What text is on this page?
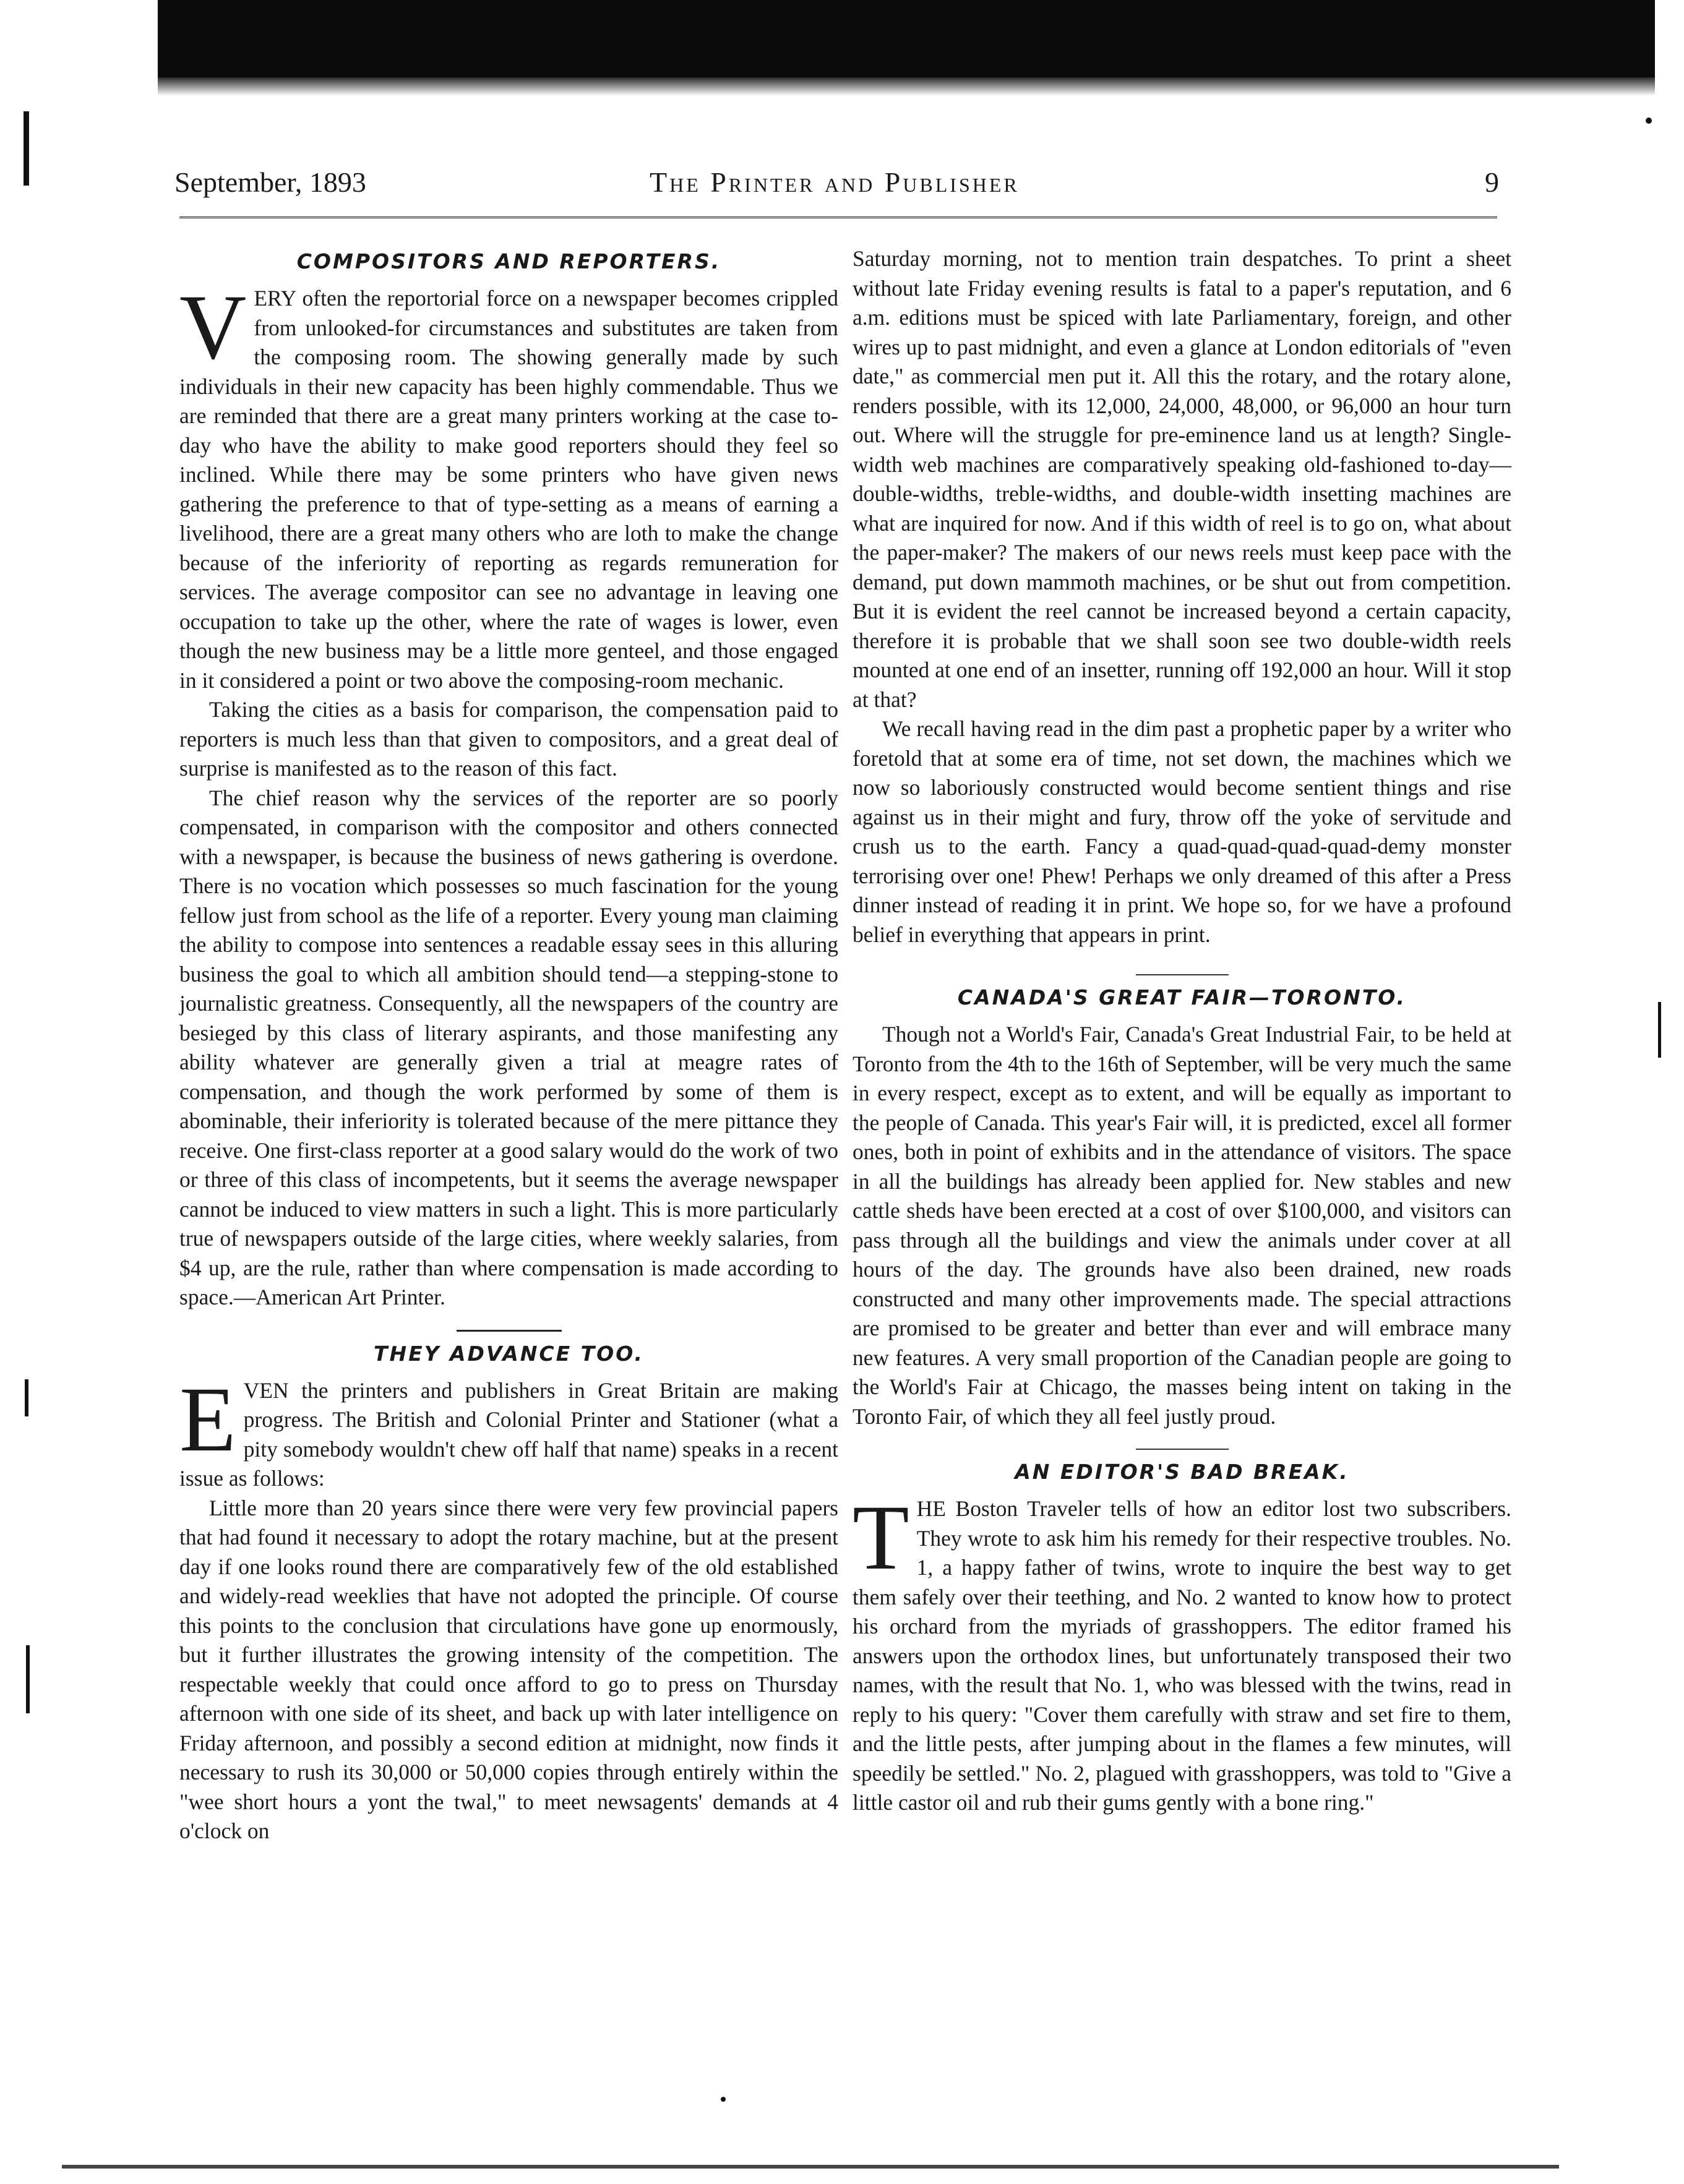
September, 1893	The Printer and Publisher	9
COMPOSITORS AND REPORTERS.

VERY often the reportorial force on a newspaper becomes crippled from unlooked-for circumstances and substitutes are taken from the composing room. The showing generally made by such individuals in their new capacity has been highly commendable. Thus we are reminded that there are a great many printers working at the case to-day who have the ability to make good reporters should they feel so inclined. While there may be some printers who have given news gathering the preference to that of type-setting as a means of earning a livelihood, there are a great many others who are loth to make the change because of the inferiority of reporting as regards remuneration for services. The average compositor can see no advantage in leaving one occupation to take up the other, where the rate of wages is lower, even though the new business may be a little more genteel, and those engaged in it considered a point or two above the composing-room mechanic.

Taking the cities as a basis for comparison, the compensation paid to reporters is much less than that given to compositors, and a great deal of surprise is manifested as to the reason of this fact.

The chief reason why the services of the reporter are so poorly compensated, in comparison with the compositor and others connected with a newspaper, is because the business of news gathering is overdone. There is no vocation which possesses so much fascination for the young fellow just from school as the life of a reporter. Every young man claiming the ability to compose into sentences a readable essay sees in this alluring business the goal to which all ambition should tend—a stepping-stone to journalistic greatness. Consequently, all the newspapers of the country are besieged by this class of literary aspirants, and those manifesting any ability whatever are generally given a trial at meagre rates of compensation, and though the work performed by some of them is abominable, their inferiority is tolerated because of the mere pittance they receive. One first-class reporter at a good salary would do the work of two or three of this class of incompetents, but it seems the average newspaper cannot be induced to view matters in such a light. This is more particularly true of newspapers outside of the large cities, where weekly salaries, from $4 up, are the rule, rather than where compensation is made according to space.—American Art Printer.

THEY ADVANCE TOO.

EVEN the printers and publishers in Great Britain are making progress. The British and Colonial Printer and Stationer (what a pity somebody wouldn't chew off half that name) speaks in a recent issue as follows:

Little more than 20 years since there were very few provincial papers that had found it necessary to adopt the rotary machine, but at the present day if one looks round there are comparatively few of the old established and widely-read weeklies that have not adopted the principle. Of course this points to the conclusion that circulations have gone up enormously, but it further illustrates the growing intensity of the competition. The respectable weekly that could once afford to go to press on Thursday afternoon with one side of its sheet, and back up with later intelligence on Friday afternoon, and possibly a second edition at midnight, now finds it necessary to rush its 30,000 or 50,000 copies through entirely within the "wee short hours a yont the twal," to meet newsagents' demands at 4 o'clock on

Saturday morning, not to mention train despatches. To print a sheet without late Friday evening results is fatal to a paper's reputation, and 6 a.m. editions must be spiced with late Parliamentary, foreign, and other wires up to past midnight, and even a glance at London editorials of "even date," as commercial men put it. All this the rotary, and the rotary alone, renders possible, with its 12,000, 24,000, 48,000, or 96,000 an hour turn out. Where will the struggle for pre-eminence land us at length? Single-width web machines are comparatively speaking old-fashioned to-day—double-widths, treble-widths, and double-width insetting machines are what are inquired for now. And if this width of reel is to go on, what about the paper-maker? The makers of our news reels must keep pace with the demand, put down mammoth machines, or be shut out from competition. But it is evident the reel cannot be increased beyond a certain capacity, therefore it is probable that we shall soon see two double-width reels mounted at one end of an insetter, running off 192,000 an hour. Will it stop at that?

We recall having read in the dim past a prophetic paper by a writer who foretold that at some era of time, not set down, the machines which we now so laboriously constructed would become sentient things and rise against us in their might and fury, throw off the yoke of servitude and crush us to the earth. Fancy a quad-quad-quad-quad-demy monster terrorising over one! Phew! Perhaps we only dreamed of this after a Press dinner instead of reading it in print. We hope so, for we have a profound belief in everything that appears in print.

CANADA'S GREAT FAIR—TORONTO.

Though not a World's Fair, Canada's Great Industrial Fair, to be held at Toronto from the 4th to the 16th of September, will be very much the same in every respect, except as to extent, and will be equally as important to the people of Canada. This year's Fair will, it is predicted, excel all former ones, both in point of exhibits and in the attendance of visitors. The space in all the buildings has already been applied for. New stables and new cattle sheds have been erected at a cost of over $100,000, and visitors can pass through all the buildings and view the animals under cover at all hours of the day. The grounds have also been drained, new roads constructed and many other improvements made. The special attractions are promised to be greater and better than ever and will embrace many new features. A very small proportion of the Canadian people are going to the World's Fair at Chicago, the masses being intent on taking in the Toronto Fair, of which they all feel justly proud.

AN EDITOR'S BAD BREAK.

THE Boston Traveler tells of how an editor lost two subscribers. They wrote to ask him his remedy for their respective troubles. No. 1, a happy father of twins, wrote to inquire the best way to get them safely over their teething, and No. 2 wanted to know how to protect his orchard from the myriads of grasshoppers. The editor framed his answers upon the orthodox lines, but unfortunately transposed their two names, with the result that No. 1, who was blessed with the twins, read in reply to his query: "Cover them carefully with straw and set fire to them, and the little pests, after jumping about in the flames a few minutes, will speedily be settled." No. 2, plagued with grasshoppers, was told to "Give a little castor oil and rub their gums gently with a bone ring."
